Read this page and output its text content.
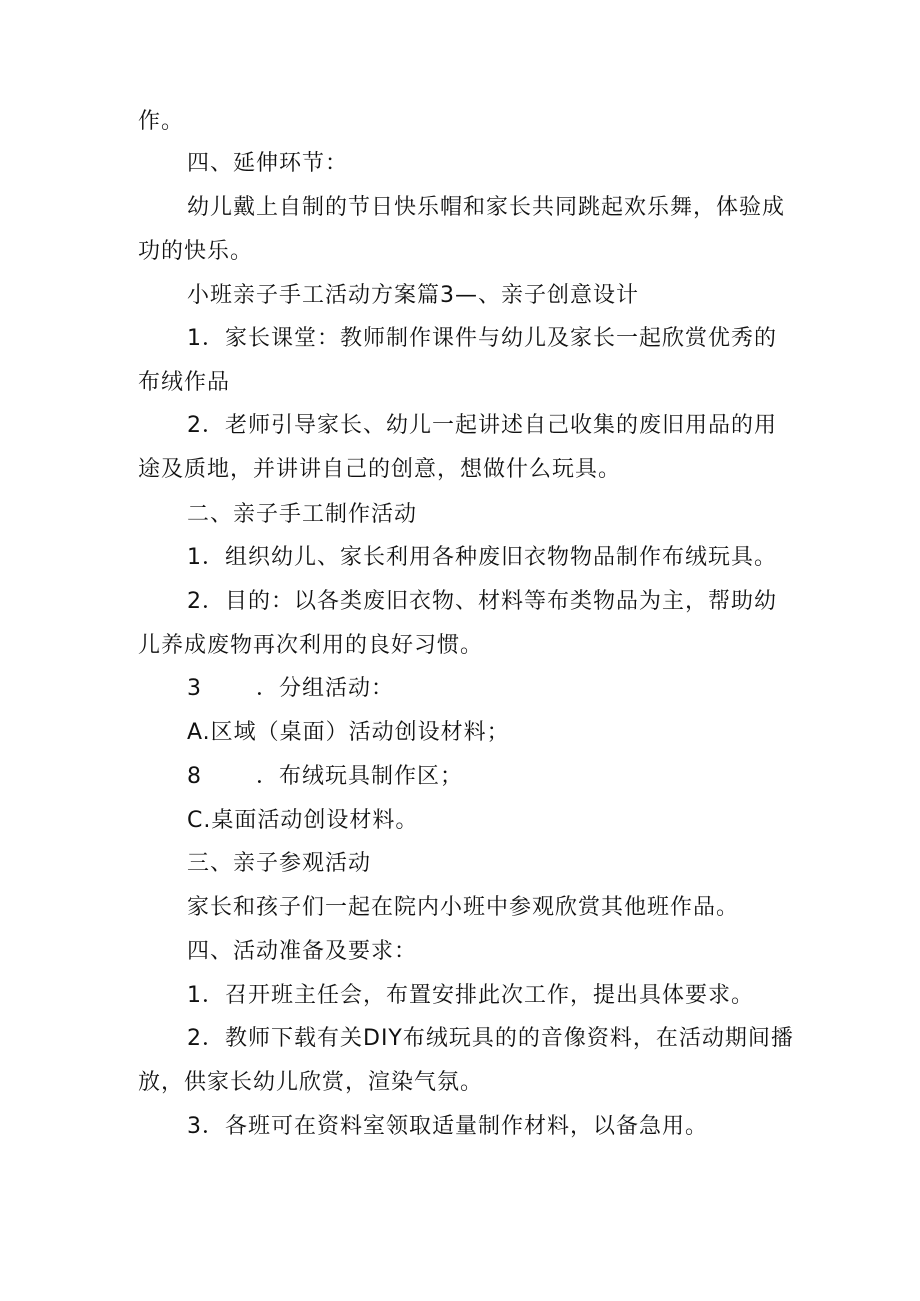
作。
四、延伸环节：
幼儿戴上自制的节日快乐帽和家长共同跳起欢乐舞，体验成
功的快乐。
小班亲子手工活动方案篇3—、亲子创意设计
1．家长课堂：教师制作课件与幼儿及家长一起欣赏优秀的
布绒作品
2．老师引导家长、幼儿一起讲述自己收集的废旧用品的用
途及质地，并讲讲自己的创意，想做什么玩具。
二、亲子手工制作活动
1．组织幼儿、家长利用各种废旧衣物物品制作布绒玩具。
2．目的：以各类废旧衣物、材料等布类物品为主，帮助幼
儿养成废物再次利用的良好习惯。
3 ．分组活动：
A.区域（桌面）活动创设材料；
8 ．布绒玩具制作区；
C.桌面活动创设材料。
三、亲子参观活动
家长和孩子们一起在院内小班中参观欣赏其他班作品。
四、活动准备及要求：
1．召开班主任会，布置安排此次工作，提出具体要求。
2．教师下载有关DIY布绒玩具的的音像资料，在活动期间播
放，供家长幼儿欣赏，渲染气氛。
3．各班可在资料室领取适量制作材料，以备急用。
